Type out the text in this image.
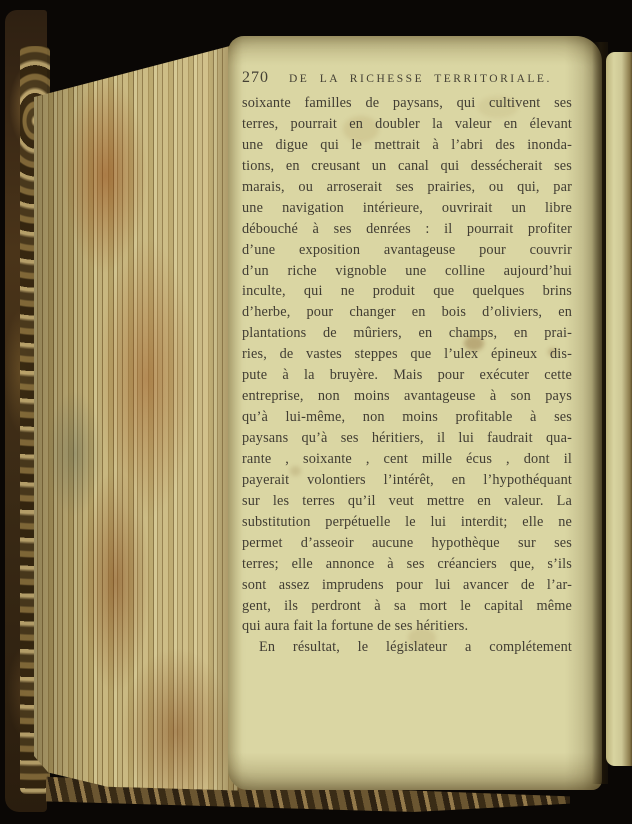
270 DE LA RICHESSE TERRITORIALE.
soixante familles de paysans, qui cultivent ses
terres, pourrait en doubler la valeur en élevant
une digue qui le mettrait à l’abri des inonda-
tions, en creusant un canal qui dessécherait ses
marais, ou arroserait ses prairies, ou qui, par
une navigation intérieure, ouvrirait un libre
débouché à ses denrées : il pourrait profiter
d’une exposition avantageuse pour couvrir
d’un riche vignoble une colline aujourd’hui
inculte, qui ne produit que quelques brins
d’herbe, pour changer en bois d’oliviers, en
plantations de mûriers, en champs, en prai-
ries, de vastes steppes que l’ulex épineux dis-
pute à la bruyère. Mais pour exécuter cette
entreprise, non moins avantageuse à son pays
qu’à lui-même, non moins profitable à ses
paysans qu’à ses héritiers, il lui faudrait qua-
rante , soixante , cent mille écus , dont il
payerait volontiers l’intérêt, en l’hypothéquant
sur les terres qu’il veut mettre en valeur. La
substitution perpétuelle le lui interdit; elle ne
permet d’asseoir aucune hypothèque sur ses
terres; elle annonce à ses créanciers que, s’ils
sont assez imprudens pour lui avancer de l’ar-
gent, ils perdront à sa mort le capital même
qui aura fait la fortune de ses héritiers.
En résultat, le législateur a complétement
